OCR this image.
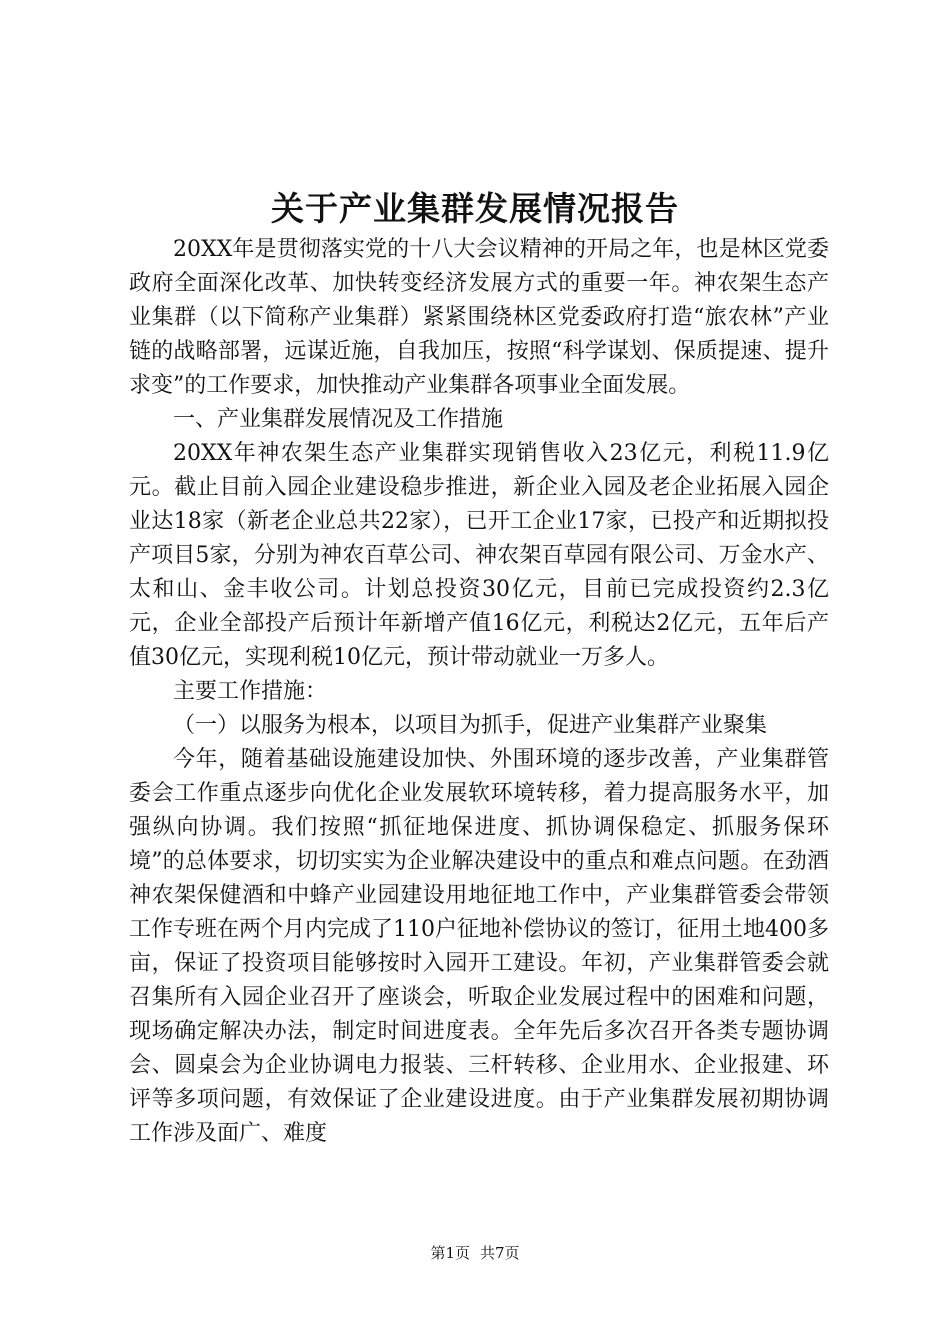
关于产业集群发展情况报告

20XX年是贯彻落实党的十八大会议精神的开局之年，也是林区党委政府全面深化改革、加快转变经济发展方式的重要一年。神农架生态产业集群（以下简称产业集群）紧紧围绕林区党委政府打造“旅农林”产业链的战略部署，远谋近施，自我加压，按照“科学谋划、保质提速、提升求变”的工作要求，加快推动产业集群各项事业全面发展。

一、产业集群发展情况及工作措施

20XX年神农架生态产业集群实现销售收入23亿元，利税11.9亿元。截止目前入园企业建设稳步推进，新企业入园及老企业拓展入园企业达18家（新老企业总共22家），已开工企业17家，已投产和近期拟投产项目5家，分别为神农百草公司、神农架百草园有限公司、万金水产、太和山、金丰收公司。计划总投资30亿元，目前已完成投资约2.3亿元，企业全部投产后预计年新增产值16亿元，利税达2亿元，五年后产值30亿元，实现利税10亿元，预计带动就业一万多人。

主要工作措施：

（一）以服务为根本，以项目为抓手，促进产业集群产业聚集

今年，随着基础设施建设加快、外围环境的逐步改善，产业集群管委会工作重点逐步向优化企业发展软环境转移，着力提高服务水平，加强纵向协调。我们按照“抓征地保进度、抓协调保稳定、抓服务保环境”的总体要求，切切实实为企业解决建设中的重点和难点问题。在劲酒神农架保健酒和中蜂产业园建设用地征地工作中，产业集群管委会带领工作专班在两个月内完成了110户征地补偿协议的签订，征用土地400多亩，保证了投资项目能够按时入园开工建设。年初，产业集群管委会就召集所有入园企业召开了座谈会，听取企业发展过程中的困难和问题，现场确定解决办法，制定时间进度表。全年先后多次召开各类专题协调会、圆桌会为企业协调电力报装、三杆转移、企业用水、企业报建、环评等多项问题，有效保证了企业建设进度。由于产业集群发展初期协调工作涉及面广、难度

第1页 共7页
